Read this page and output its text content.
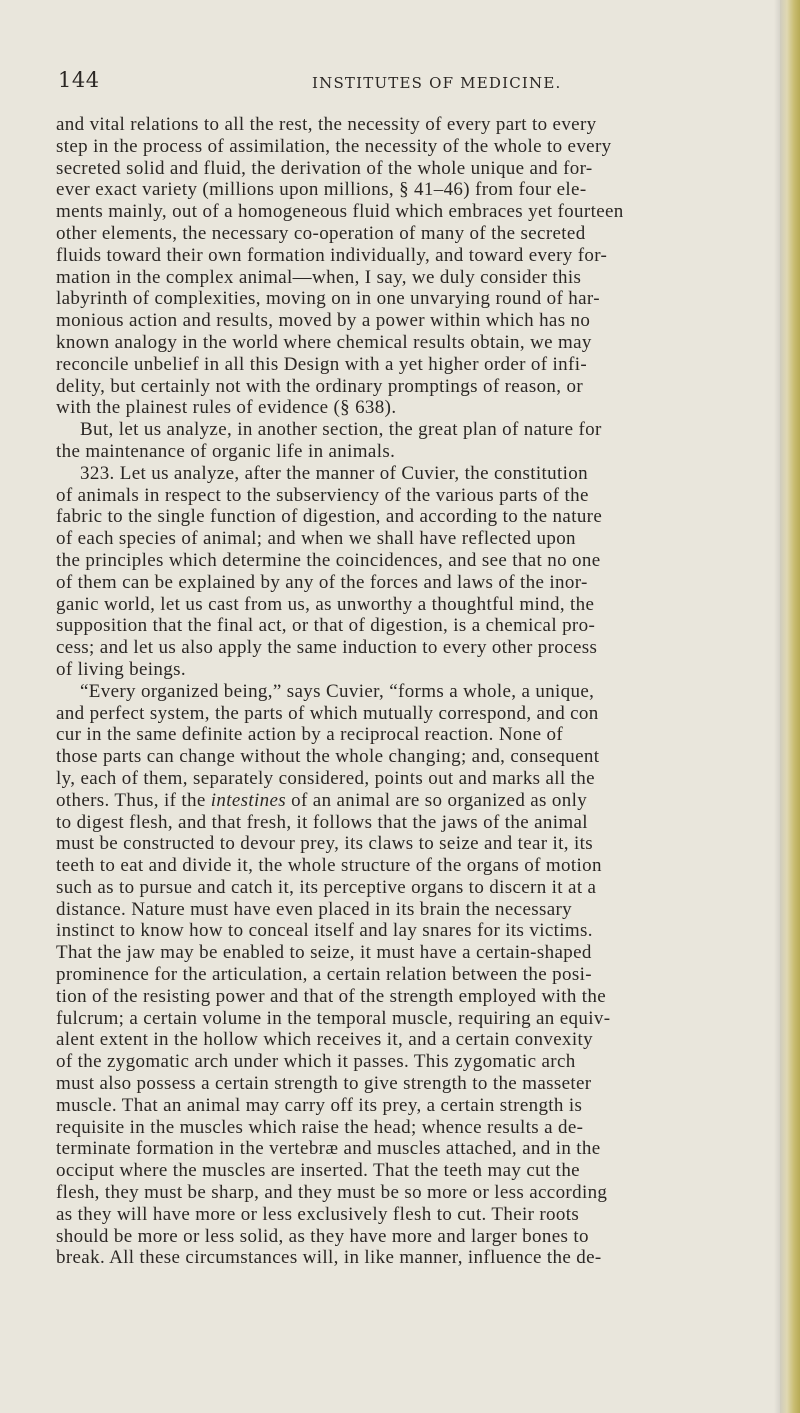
144	INSTITUTES OF MEDICINE.
and vital relations to all the rest, the necessity of every part to every
step in the process of assimilation, the necessity of the whole to every
secreted solid and fluid, the derivation of the whole unique and for-
ever exact variety (millions upon millions, § 41–46) from four ele-
ments mainly, out of a homogeneous fluid which embraces yet fourteen
other elements, the necessary co-operation of many of the secreted
fluids toward their own formation individually, and toward every for-
mation in the complex animal—when, I say, we duly consider this
labyrinth of complexities, moving on in one unvarying round of har-
monious action and results, moved by a power within which has no
known analogy in the world where chemical results obtain, we may
reconcile unbelief in all this Design with a yet higher order of infi-
delity, but certainly not with the ordinary promptings of reason, or
with the plainest rules of evidence (§ 638).
But, let us analyze, in another section, the great plan of nature for
the maintenance of organic life in animals.
323. Let us analyze, after the manner of Cuvier, the constitution
of animals in respect to the subserviency of the various parts of the
fabric to the single function of digestion, and according to the nature
of each species of animal; and when we shall have reflected upon
the principles which determine the coincidences, and see that no one
of them can be explained by any of the forces and laws of the inor-
ganic world, let us cast from us, as unworthy a thoughtful mind, the
supposition that the final act, or that of digestion, is a chemical pro-
cess; and let us also apply the same induction to every other process
of living beings.
“Every organized being,” says Cuvier, “forms a whole, a unique,
and perfect system, the parts of which mutually correspond, and con
cur in the same definite action by a reciprocal reaction. None of
those parts can change without the whole changing; and, consequent
ly, each of them, separately considered, points out and marks all the
others. Thus, if the intestines of an animal are so organized as only
to digest flesh, and that fresh, it follows that the jaws of the animal
must be constructed to devour prey, its claws to seize and tear it, its
teeth to eat and divide it, the whole structure of the organs of motion
such as to pursue and catch it, its perceptive organs to discern it at a
distance. Nature must have even placed in its brain the necessary
instinct to know how to conceal itself and lay snares for its victims.
That the jaw may be enabled to seize, it must have a certain-shaped
prominence for the articulation, a certain relation between the posi-
tion of the resisting power and that of the strength employed with the
fulcrum; a certain volume in the temporal muscle, requiring an equiv-
alent extent in the hollow which receives it, and a certain convexity
of the zygomatic arch under which it passes. This zygomatic arch
must also possess a certain strength to give strength to the masseter
muscle. That an animal may carry off its prey, a certain strength is
requisite in the muscles which raise the head; whence results a de-
terminate formation in the vertebræ and muscles attached, and in the
occiput where the muscles are inserted. That the teeth may cut the
flesh, they must be sharp, and they must be so more or less according
as they will have more or less exclusively flesh to cut. Their roots
should be more or less solid, as they have more and larger bones to
break. All these circumstances will, in like manner, influence the de-
